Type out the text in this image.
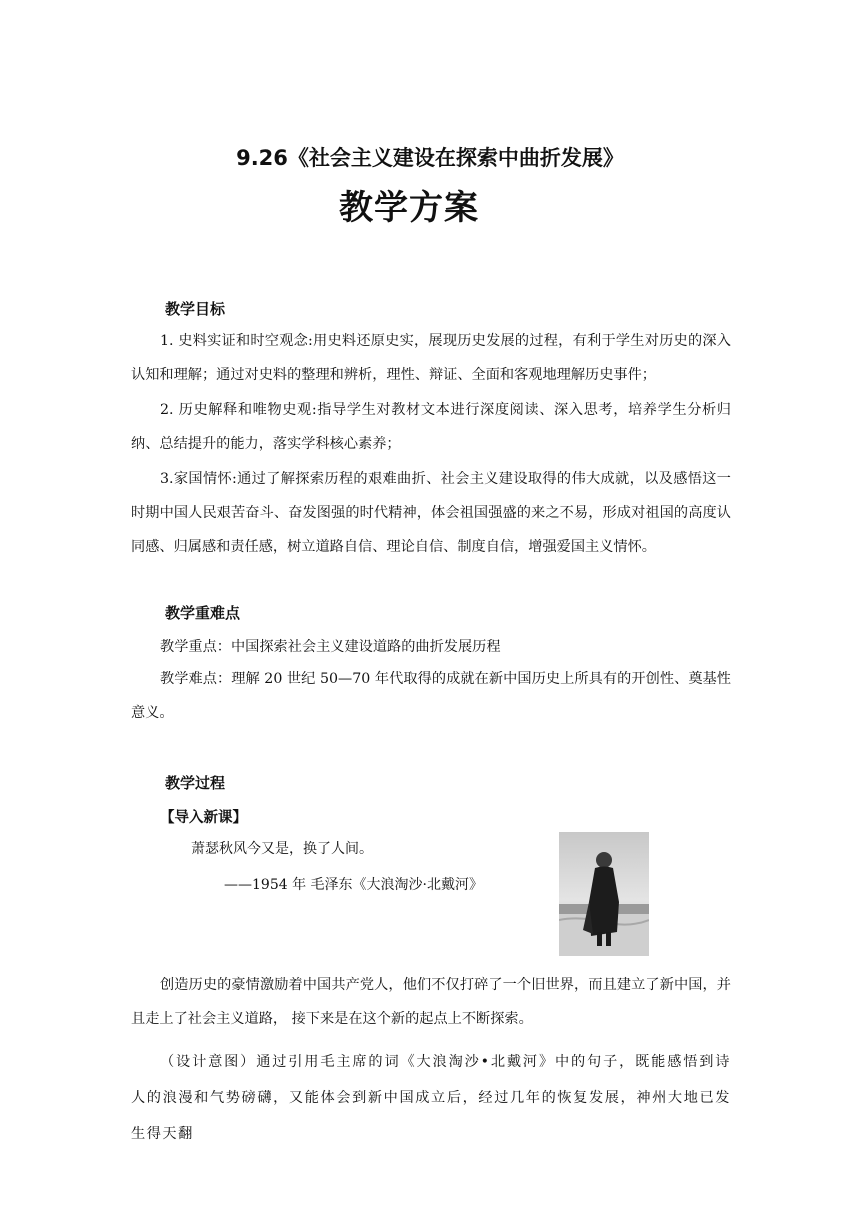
9.26《社会主义建设在探索中曲折发展》
教学方案
教学目标
1. 史料实证和时空观念:用史料还原史实，展现历史发展的过程，有利于学生对历史的深入认知和理解；通过对史料的整理和辨析，理性、辩证、全面和客观地理解历史事件；
2. 历史解释和唯物史观:指导学生对教材文本进行深度阅读、深入思考，培养学生分析归纳、总结提升的能力，落实学科核心素养；
3.家国情怀:通过了解探索历程的艰难曲折、社会主义建设取得的伟大成就，以及感悟这一时期中国人民艰苦奋斗、奋发图强的时代精神，体会祖国强盛的来之不易，形成对祖国的高度认同感、归属感和责任感，树立道路自信、理论自信、制度自信，增强爱国主义情怀。
教学重难点
教学重点：中国探索社会主义建设道路的曲折发展历程
教学难点：理解 20 世纪 50—70 年代取得的成就在新中国历史上所具有的开创性、奠基性意义。
教学过程
【导入新课】
萧瑟秋风今又是，换了人间。
——1954 年 毛泽东《大浪淘沙·北戴河》
创造历史的豪情激励着中国共产党人，他们不仅打碎了一个旧世界，而且建立了新中国，并且走上了社会主义道路， 接下来是在这个新的起点上不断探索。
（设计意图）通过引用毛主席的词《大浪淘沙•北戴河》中的句子，既能感悟到诗人的浪漫和气势磅礴，又能体会到新中国成立后，经过几年的恢复发展，神州大地已发生得天翻
